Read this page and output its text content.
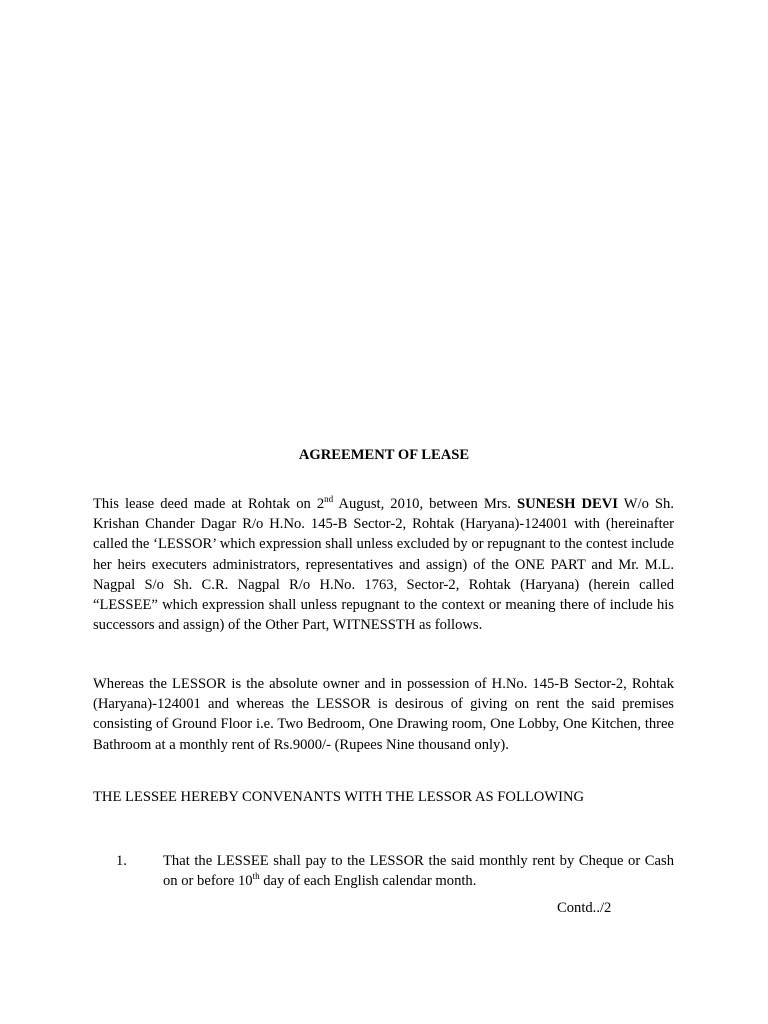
AGREEMENT OF LEASE

This lease deed made at Rohtak on 2nd August, 2010, between Mrs. SUNESH DEVI W/o Sh. Krishan Chander Dagar R/o H.No. 145-B Sector-2, Rohtak (Haryana)-124001 with (hereinafter called the ‘LESSOR’ which expression shall unless excluded by or repugnant to the contest include her heirs executers administrators, representatives and assign) of the ONE PART and Mr. M.L. Nagpal S/o Sh. C.R. Nagpal R/o H.No. 1763, Sector-2, Rohtak (Haryana) (herein called “LESSEE” which expression shall unless repugnant to the context or meaning there of include his successors and assign) of the Other Part, WITNESSTH as follows.

Whereas the LESSOR is the absolute owner and in possession of H.No. 145-B Sector-2, Rohtak (Haryana)-124001 and whereas the LESSOR is desirous of giving on rent the said premises consisting of Ground Floor i.e. Two Bedroom, One Drawing room, One Lobby, One Kitchen, three Bathroom at a monthly rent of Rs.9000/- (Rupees Nine thousand only).

THE LESSEE HEREBY CONVENANTS WITH THE LESSOR AS FOLLOWING

1. That the LESSEE shall pay to the LESSOR the said monthly rent by Cheque or Cash on or before 10th day of each English calendar month.
Contd../2
